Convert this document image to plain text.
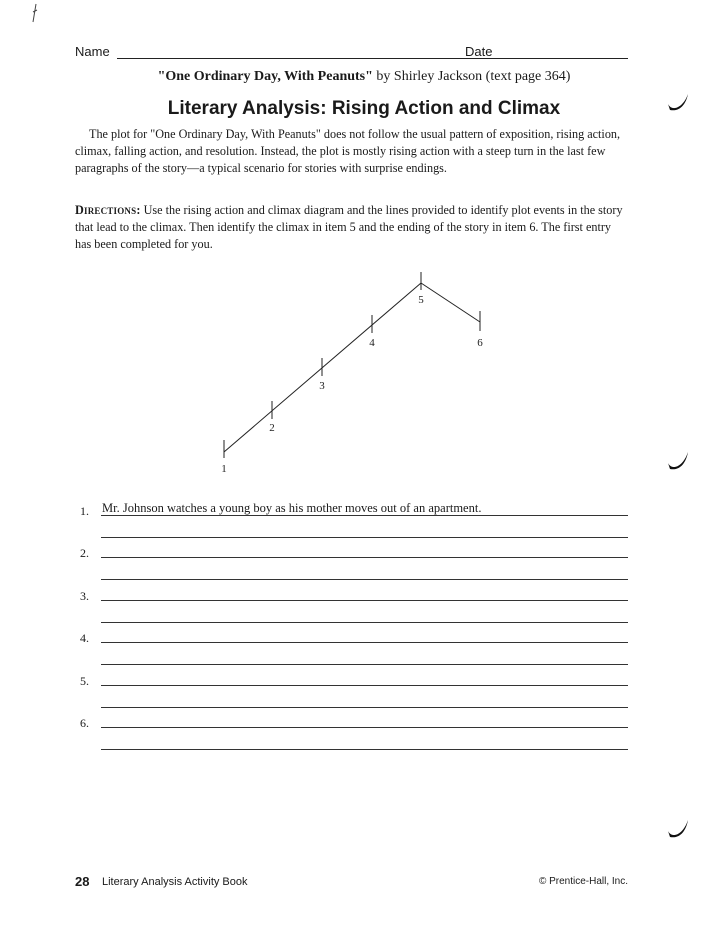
Name	Date
"One Ordinary Day, With Peanuts" by Shirley Jackson (text page 364)
Literary Analysis: Rising Action and Climax

The plot for "One Ordinary Day, With Peanuts" does not follow the usual pattern of exposition, rising action, climax, falling action, and resolution. Instead, the plot is mostly rising action with a steep turn in the last few paragraphs of the story—a typical scenario for stories with surprise endings.

Directions: Use the rising action and climax diagram and the lines provided to identify plot events in the story that lead to the climax. Then identify the climax in item 5 and the ending of the story in item 6. The first entry has been completed for you.

1
2
3
4
5
6
1. Mr. Johnson watches a young boy as his mother moves out of an apartment.
2.
3.
4.
5.
6.
28 Literary Analysis Activity Book	© Prentice-Hall, Inc.
